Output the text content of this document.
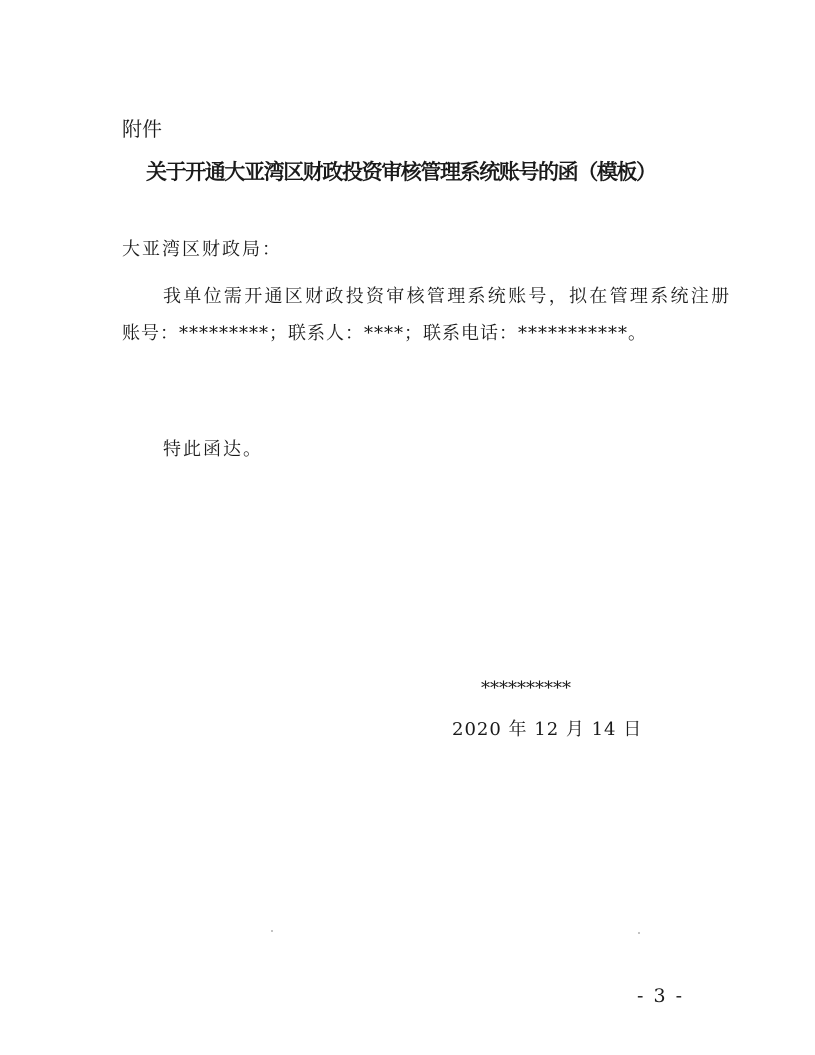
附件
关于开通大亚湾区财政投资审核管理系统账号的函（模板）
大亚湾区财政局：
我单位需开通区财政投资审核管理系统账号，拟在管理系统注册
账号：*********；联系人：****；联系电话：***********。
特此函达。
**********
2020 年 12 月 14 日
- 3 -
